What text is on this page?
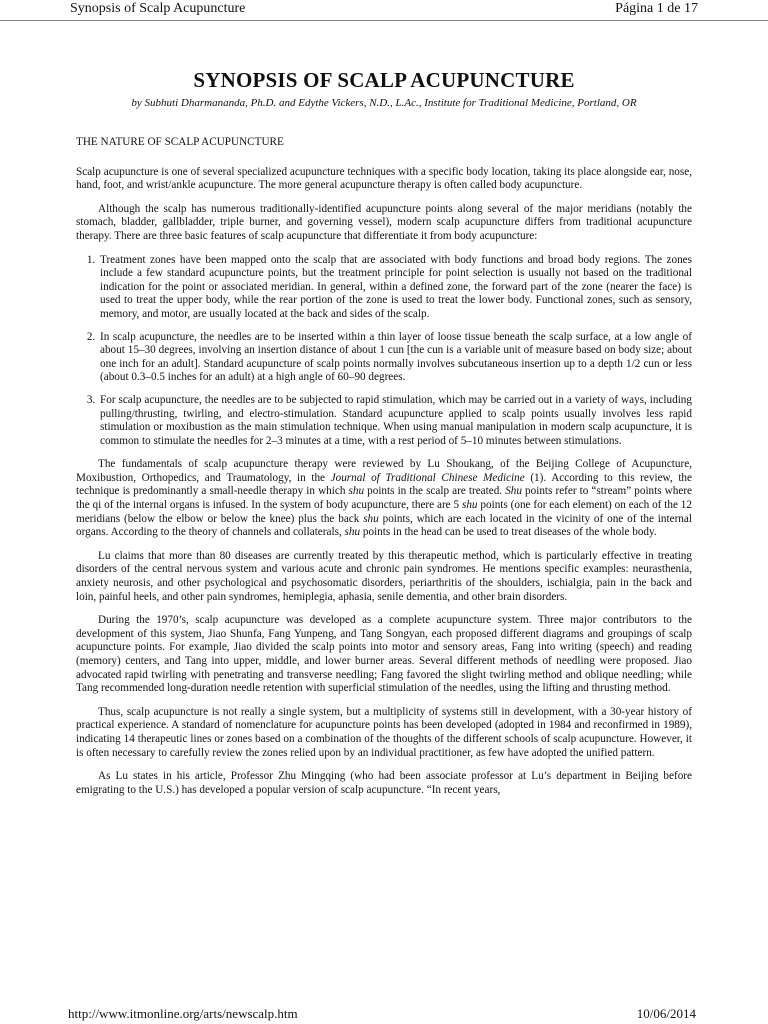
Synopsis of Scalp Acupuncture	Página 1 de 17
SYNOPSIS OF SCALP ACUPUNCTURE
by Subhuti Dharmananda, Ph.D. and Edythe Vickers, N.D., L.Ac., Institute for Traditional Medicine, Portland, OR
THE NATURE OF SCALP ACUPUNCTURE

Scalp acupuncture is one of several specialized acupuncture techniques with a specific body location, taking its place alongside ear, nose, hand, foot, and wrist/ankle acupuncture. The more general acupuncture therapy is often called body acupuncture.

Although the scalp has numerous traditionally-identified acupuncture points along several of the major meridians (notably the stomach, bladder, gallbladder, triple burner, and governing vessel), modern scalp acupuncture differs from traditional acupuncture therapy. There are three basic features of scalp acupuncture that differentiate it from body acupuncture:

1. Treatment zones have been mapped onto the scalp that are associated with body functions and broad body regions. The zones include a few standard acupuncture points, but the treatment principle for point selection is usually not based on the traditional indication for the point or associated meridian. In general, within a defined zone, the forward part of the zone (nearer the face) is used to treat the upper body, while the rear portion of the zone is used to treat the lower body. Functional zones, such as sensory, memory, and motor, are usually located at the back and sides of the scalp.
2. In scalp acupuncture, the needles are to be inserted within a thin layer of loose tissue beneath the scalp surface, at a low angle of about 15–30 degrees, involving an insertion distance of about 1 cun [the cun is a variable unit of measure based on body size; about one inch for an adult]. Standard acupuncture of scalp points normally involves subcutaneous insertion up to a depth 1/2 cun or less (about 0.3–0.5 inches for an adult) at a high angle of 60–90 degrees.
3. For scalp acupuncture, the needles are to be subjected to rapid stimulation, which may be carried out in a variety of ways, including pulling/thrusting, twirling, and electro-stimulation. Standard acupuncture applied to scalp points usually involves less rapid stimulation or moxibustion as the main stimulation technique. When using manual manipulation in modern scalp acupuncture, it is common to stimulate the needles for 2–3 minutes at a time, with a rest period of 5–10 minutes between stimulations.

The fundamentals of scalp acupuncture therapy were reviewed by Lu Shoukang, of the Beijing College of Acupuncture, Moxibustion, Orthopedics, and Traumatology, in the Journal of Traditional Chinese Medicine (1). According to this review, the technique is predominantly a small-needle therapy in which shu points in the scalp are treated. Shu points refer to “stream” points where the qi of the internal organs is infused. In the system of body acupuncture, there are 5 shu points (one for each element) on each of the 12 meridians (below the elbow or below the knee) plus the back shu points, which are each located in the vicinity of one of the internal organs. According to the theory of channels and collaterals, shu points in the head can be used to treat diseases of the whole body.

Lu claims that more than 80 diseases are currently treated by this therapeutic method, which is particularly effective in treating disorders of the central nervous system and various acute and chronic pain syndromes. He mentions specific examples: neurasthenia, anxiety neurosis, and other psychological and psychosomatic disorders, periarthritis of the shoulders, ischialgia, pain in the back and loin, painful heels, and other pain syndromes, hemiplegia, aphasia, senile dementia, and other brain disorders.

During the 1970’s, scalp acupuncture was developed as a complete acupuncture system. Three major contributors to the development of this system, Jiao Shunfa, Fang Yunpeng, and Tang Songyan, each proposed different diagrams and groupings of scalp acupuncture points. For example, Jiao divided the scalp points into motor and sensory areas, Fang into writing (speech) and reading (memory) centers, and Tang into upper, middle, and lower burner areas. Several different methods of needling were proposed. Jiao advocated rapid twirling with penetrating and transverse needling; Fang favored the slight twirling method and oblique needling; while Tang recommended long-duration needle retention with superficial stimulation of the needles, using the lifting and thrusting method.

Thus, scalp acupuncture is not really a single system, but a multiplicity of systems still in development, with a 30-year history of practical experience. A standard of nomenclature for acupuncture points has been developed (adopted in 1984 and reconfirmed in 1989), indicating 14 therapeutic lines or zones based on a combination of the thoughts of the different schools of scalp acupuncture. However, it is often necessary to carefully review the zones relied upon by an individual practitioner, as few have adopted the unified pattern.

As Lu states in his article, Professor Zhu Mingqing (who had been associate professor at Lu’s department in Beijing before emigrating to the U.S.) has developed a popular version of scalp acupuncture. “In recent years,

http://www.itmonline.org/arts/newscalp.htm	10/06/2014
